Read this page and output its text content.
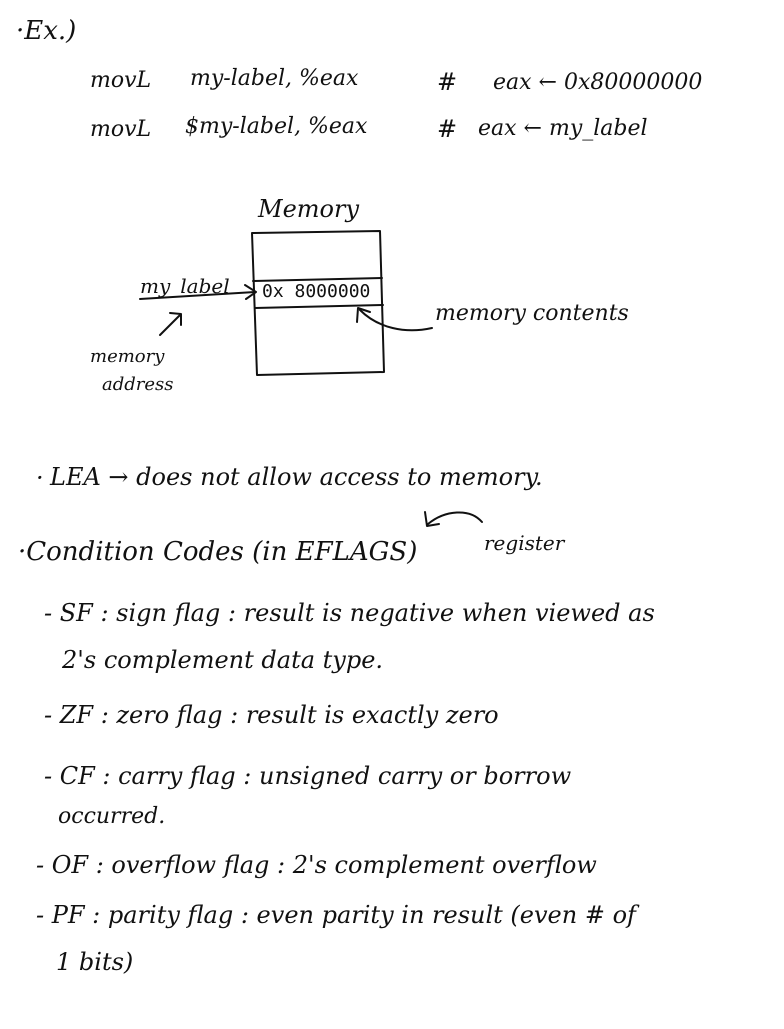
·Ex.)
movL my-label, %eax	# eax ← 0x80000000
movL $my-label, %eax	# eax ← my_label
Memory
0x 8000000
my_label
memory
address
memory contents
· LEA → does not allow access to memory.
·Condition Codes (in EFLAGS)	register
- SF : sign flag : result is negative when viewed as
2's complement data type.
- ZF : zero flag : result is exactly zero
- CF : carry flag : unsigned carry or borrow
occurred.
- OF : overflow flag : 2's complement overflow
- PF : parity flag : even parity in result (even # of
1 bits)
